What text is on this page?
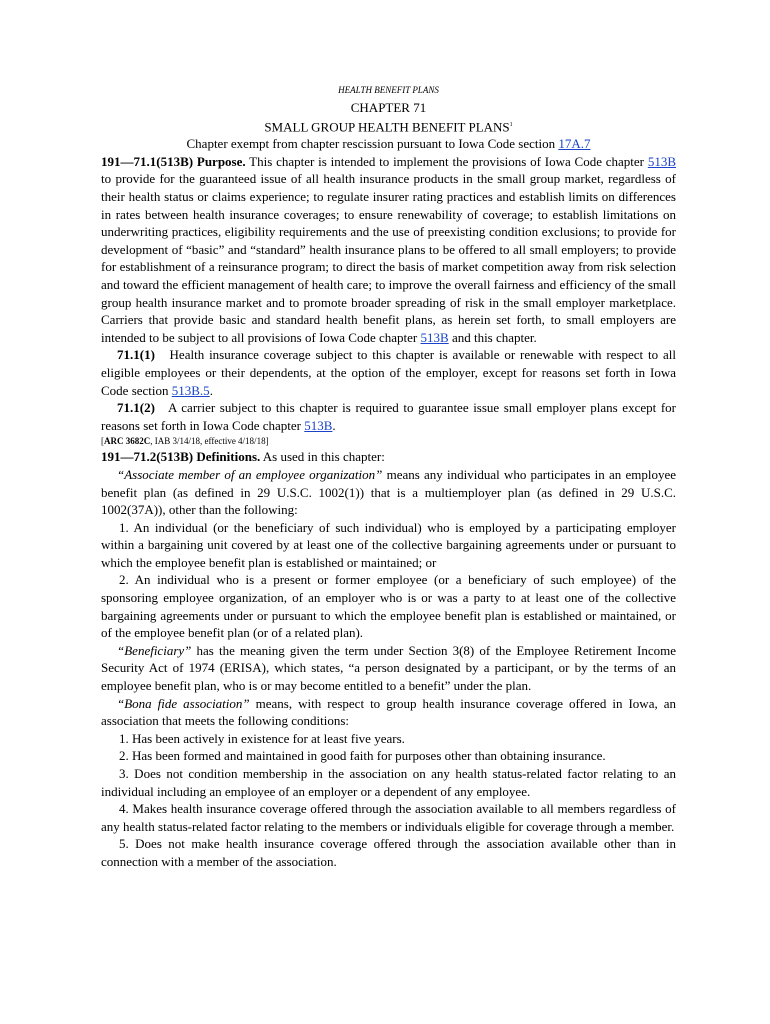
HEALTH BENEFIT PLANS
CHAPTER 71
SMALL GROUP HEALTH BENEFIT PLANS$^1$
Chapter exempt from chapter rescission pursuant to Iowa Code section 17A.7

191—71.1(513B) Purpose. This chapter is intended to implement the provisions of Iowa Code chapter 513B to provide for the guaranteed issue of all health insurance products in the small group market, regardless of their health status or claims experience; to regulate insurer rating practices and establish limits on differences in rates between health insurance coverages; to ensure renewability of coverage; to establish limitations on underwriting practices, eligibility requirements and the use of preexisting condition exclusions; to provide for development of “basic” and “standard” health insurance plans to be offered to all small employers; to provide for establishment of a reinsurance program; to direct the basis of market competition away from risk selection and toward the efficient management of health care; to improve the overall fairness and efficiency of the small group health insurance market and to promote broader spreading of risk in the small employer marketplace. Carriers that provide basic and standard health benefit plans, as herein set forth, to small employers are intended to be subject to all provisions of Iowa Code chapter 513B and this chapter.

71.1(1)   Health insurance coverage subject to this chapter is available or renewable with respect to all eligible employees or their dependents, at the option of the employer, except for reasons set forth in Iowa Code section 513B.5.

71.1(2)   A carrier subject to this chapter is required to guarantee issue small employer plans except for reasons set forth in Iowa Code chapter 513B.

[ARC 3682C, IAB 3/14/18, effective 4/18/18]

191—71.2(513B) Definitions. As used in this chapter:

“Associate member of an employee organization” means any individual who participates in an employee benefit plan (as defined in 29 U.S.C. 1002(1)) that is a multiemployer plan (as defined in 29 U.S.C. 1002(37A)), other than the following:

1. An individual (or the beneficiary of such individual) who is employed by a participating employer within a bargaining unit covered by at least one of the collective bargaining agreements under or pursuant to which the employee benefit plan is established or maintained; or

2. An individual who is a present or former employee (or a beneficiary of such employee) of the sponsoring employee organization, of an employer who is or was a party to at least one of the collective bargaining agreements under or pursuant to which the employee benefit plan is established or maintained, or of the employee benefit plan (or of a related plan).

“Beneficiary” has the meaning given the term under Section 3(8) of the Employee Retirement Income Security Act of 1974 (ERISA), which states, “a person designated by a participant, or by the terms of an employee benefit plan, who is or may become entitled to a benefit” under the plan.

“Bona fide association” means, with respect to group health insurance coverage offered in Iowa, an association that meets the following conditions:

1. Has been actively in existence for at least five years.

2. Has been formed and maintained in good faith for purposes other than obtaining insurance.

3. Does not condition membership in the association on any health status-related factor relating to an individual including an employee of an employer or a dependent of any employee.

4. Makes health insurance coverage offered through the association available to all members regardless of any health status-related factor relating to the members or individuals eligible for coverage through a member.

5. Does not make health insurance coverage offered through the association available other than in connection with a member of the association.
